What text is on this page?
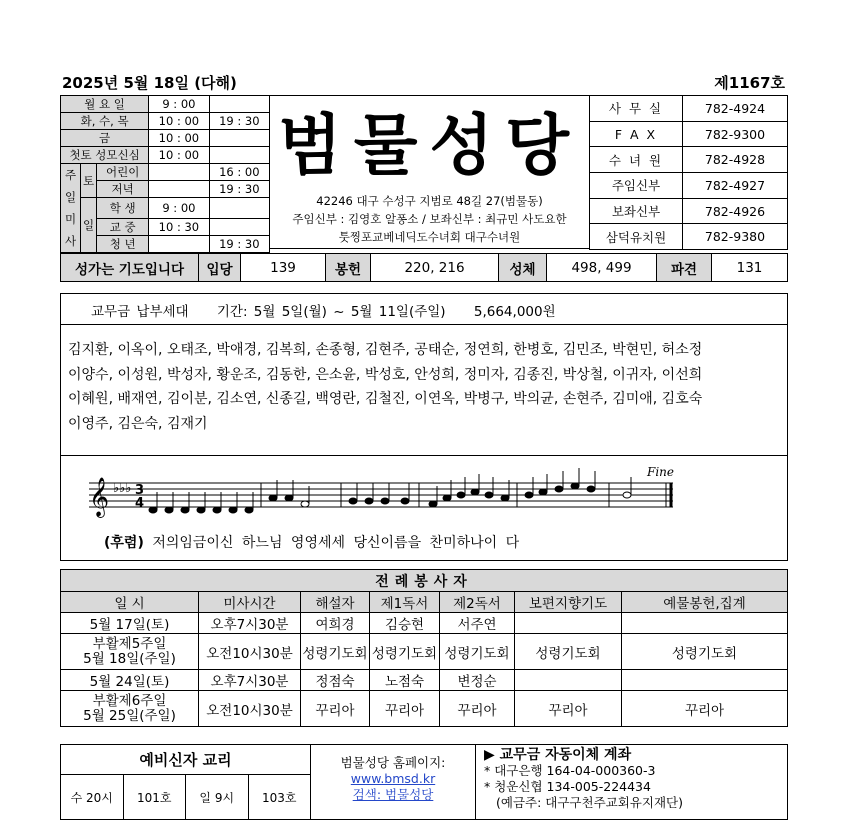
2025년 5월 18일 (다해)	제1167호
월 요 일			9 : 00	
화, 수, 목			10 : 00	19 : 30
금			10 : 00	
첫토 성모신심			10 : 00	
주일미사	토	어린이		16 : 00
		저녁		19 : 30
	일	학 생	9 : 00	
		교 중	10 : 30	
		청 년		19 : 30
범물성당
42246 대구 수성구 지범로 48길 27(범물동)
주임신부 : 김영호 알퐁소 / 보좌신부 : 최규민 사도요한
툿찡포교베네딕도수녀회 대구수녀원
사 무 실	782-4924
F A X	782-9300
수 녀 원	782-4928
주임신부	782-4927
보좌신부	782-4926
삼덕유치원	782-9380
성가는 기도입니다	입당	139	봉헌	220, 216	성체	498, 499	파견	131
교무금 납부세대 기간: 5월 5일(월) ~ 5월 11일(주일) 5,664,000원
김지환, 이옥이, 오태조, 박애경, 김복희, 손종형, 김현주, 공태순, 정연희, 한병호, 김민조, 박현민, 허소정
이양수, 이성원, 박성자, 황운조, 김동한, 은소윤, 박성호, 안성희, 정미자, 김종진, 박상철, 이귀자, 이선희
이혜원, 배재연, 김이분, 김소연, 신종길, 백영란, 김철진, 이연옥, 박병구, 박의균, 손현주, 김미애, 김호숙
이영주, 김은숙, 김재기
𝄞 ♭♭♭ 3
4
Fine
(후렴) 저의임금이신 하느님 영영세세 당신이름을 찬미하나이 다
전례봉사자						
일 시	미사시간	해설자	제1독서	제2독서	보편지향기도	예물봉헌,집계
5월 17일(토)	오후7시30분	여희경	김승현	서주연		

부활제5주일
5월 18일(주일)	오전10시30분	성령기도회	성령기도회	성령기도회	성령기도회	성령기도회
5월 24일(토)	오후7시30분	정점숙	노점숙	변정순		

부활제6주일
5월 25일(주일)	오전10시30분	꾸리아	꾸리아	꾸리아	꾸리아	꾸리아
예비신자 교리
수 20시	101호	일 9시	103호
범물성당 홈페이지:
www.bmsd.kr
검색: 범물성당
▶ 교무금 자동이체 계좌
* 대구은행 164-04-000360-3
* 청운신협 134-005-224434
(예금주: 대구구천주교회유지재단)
